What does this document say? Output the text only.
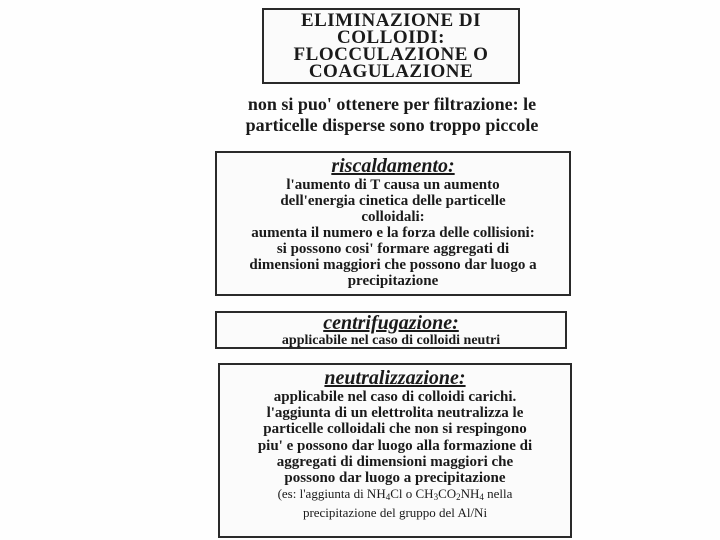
ELIMINAZIONE DI
COLLOIDI:
FLOCCULAZIONE O
COAGULAZIONE
non si puo' ottenere per filtrazione: le
particelle disperse sono troppo piccole
riscaldamento:
l'aumento di T causa un aumento
dell'energia cinetica delle particelle
colloidali:
aumenta il numero e la forza delle collisioni:
si possono cosi' formare aggregati di
dimensioni maggiori che possono dar luogo a
precipitazione
centrifugazione:
applicabile nel caso di colloidi neutri
neutralizzazione:
applicabile nel caso di colloidi carichi.
l'aggiunta di un elettrolita neutralizza le
particelle colloidali che non si respingono
piu' e possono dar luogo alla formazione di
aggregati di dimensioni maggiori che
possono dar luogo a precipitazione
(es: l'aggiunta di $NH_4Cl$ o $CH_3CO_2NH_4$ nella
precipitazione del gruppo del Al/Ni
